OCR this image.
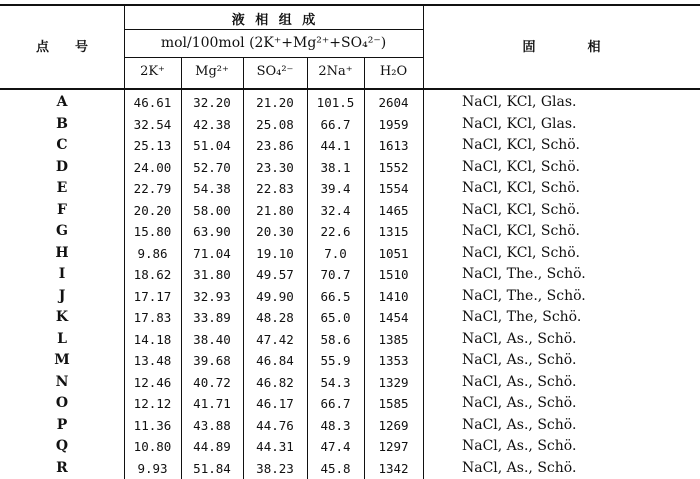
点　　号
液 相 组 成
mol/100mol (2K⁺+Mg²⁺+SO₄²⁻)	固　　　　相
2K⁺	Mg²⁺	SO₄²⁻	2Na⁺	H₂O
A	46.61	32.20	21.20	101.5	2604	NaCl, KCl, Glas.
B	32.54	42.38	25.08	66.7	1959	NaCl, KCl, Glas.
C	25.13	51.04	23.86	44.1	1613	NaCl, KCl, Schö.
D	24.00	52.70	23.30	38.1	1552	NaCl, KCl, Schö.
E	22.79	54.38	22.83	39.4	1554	NaCl, KCl, Schö.
F	20.20	58.00	21.80	32.4	1465	NaCl, KCl, Schö.
G	15.80	63.90	20.30	22.6	1315	NaCl, KCl, Schö.
H	9.86	71.04	19.10	7.0	1051	NaCl, KCl, Schö.
I	18.62	31.80	49.57	70.7	1510	NaCl, The., Schö.
J	17.17	32.93	49.90	66.5	1410	NaCl, The., Schö.
K	17.83	33.89	48.28	65.0	1454	NaCl, The, Schö.
L	14.18	38.40	47.42	58.6	1385	NaCl, As., Schö.
M	13.48	39.68	46.84	55.9	1353	NaCl, As., Schö.
N	12.46	40.72	46.82	54.3	1329	NaCl, As., Schö.
O	12.12	41.71	46.17	66.7	1585	NaCl, As., Schö.
P	11.36	43.88	44.76	48.3	1269	NaCl, As., Schö.
Q	10.80	44.89	44.31	47.4	1297	NaCl, As., Schö.
R	9.93	51.84	38.23	45.8	1342	NaCl, As., Schö.
